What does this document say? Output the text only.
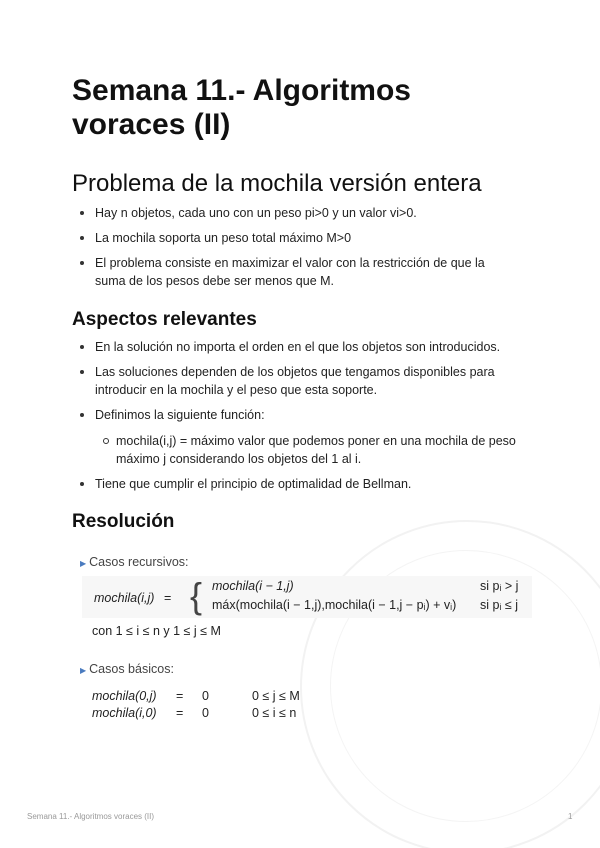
Semana 11.- Algoritmos voraces (II)
Problema de la mochila versión entera
Hay n objetos, cada uno con un peso pi>0 y un valor vi>0.
La mochila soporta un peso total máximo M>0
El problema consiste en maximizar el valor con la restricción de que la
suma de los pesos debe ser menos que M.
Aspectos relevantes
En la solución no importa el orden en el que los objetos son introducidos.
Las soluciones dependen de los objetos que tengamos disponibles para
introducir en la mochila y el peso que esta soporte.
Definimos la siguiente función:
mochila(i,j) = máximo valor que podemos poner en una mochila de peso
máximo j considerando los objetos del 1 al i.
Tiene que cumplir el principio de optimalidad de Bellman.
Resolución
▶ Casos recursivos:
mochila(i,j) = { mochila(i − 1,j)	si pᵢ > j
máx(mochila(i − 1,j),mochila(i − 1,j − pᵢ) + vᵢ) si pᵢ ≤ j
con 1 ≤ i ≤ n y 1 ≤ j ≤ M
▶ Casos básicos:
mochila(0,j) = 0	0 ≤ j ≤ M
mochila(i,0) = 0	0 ≤ i ≤ n
Semana 11.- Algoritmos voraces (II)	1
